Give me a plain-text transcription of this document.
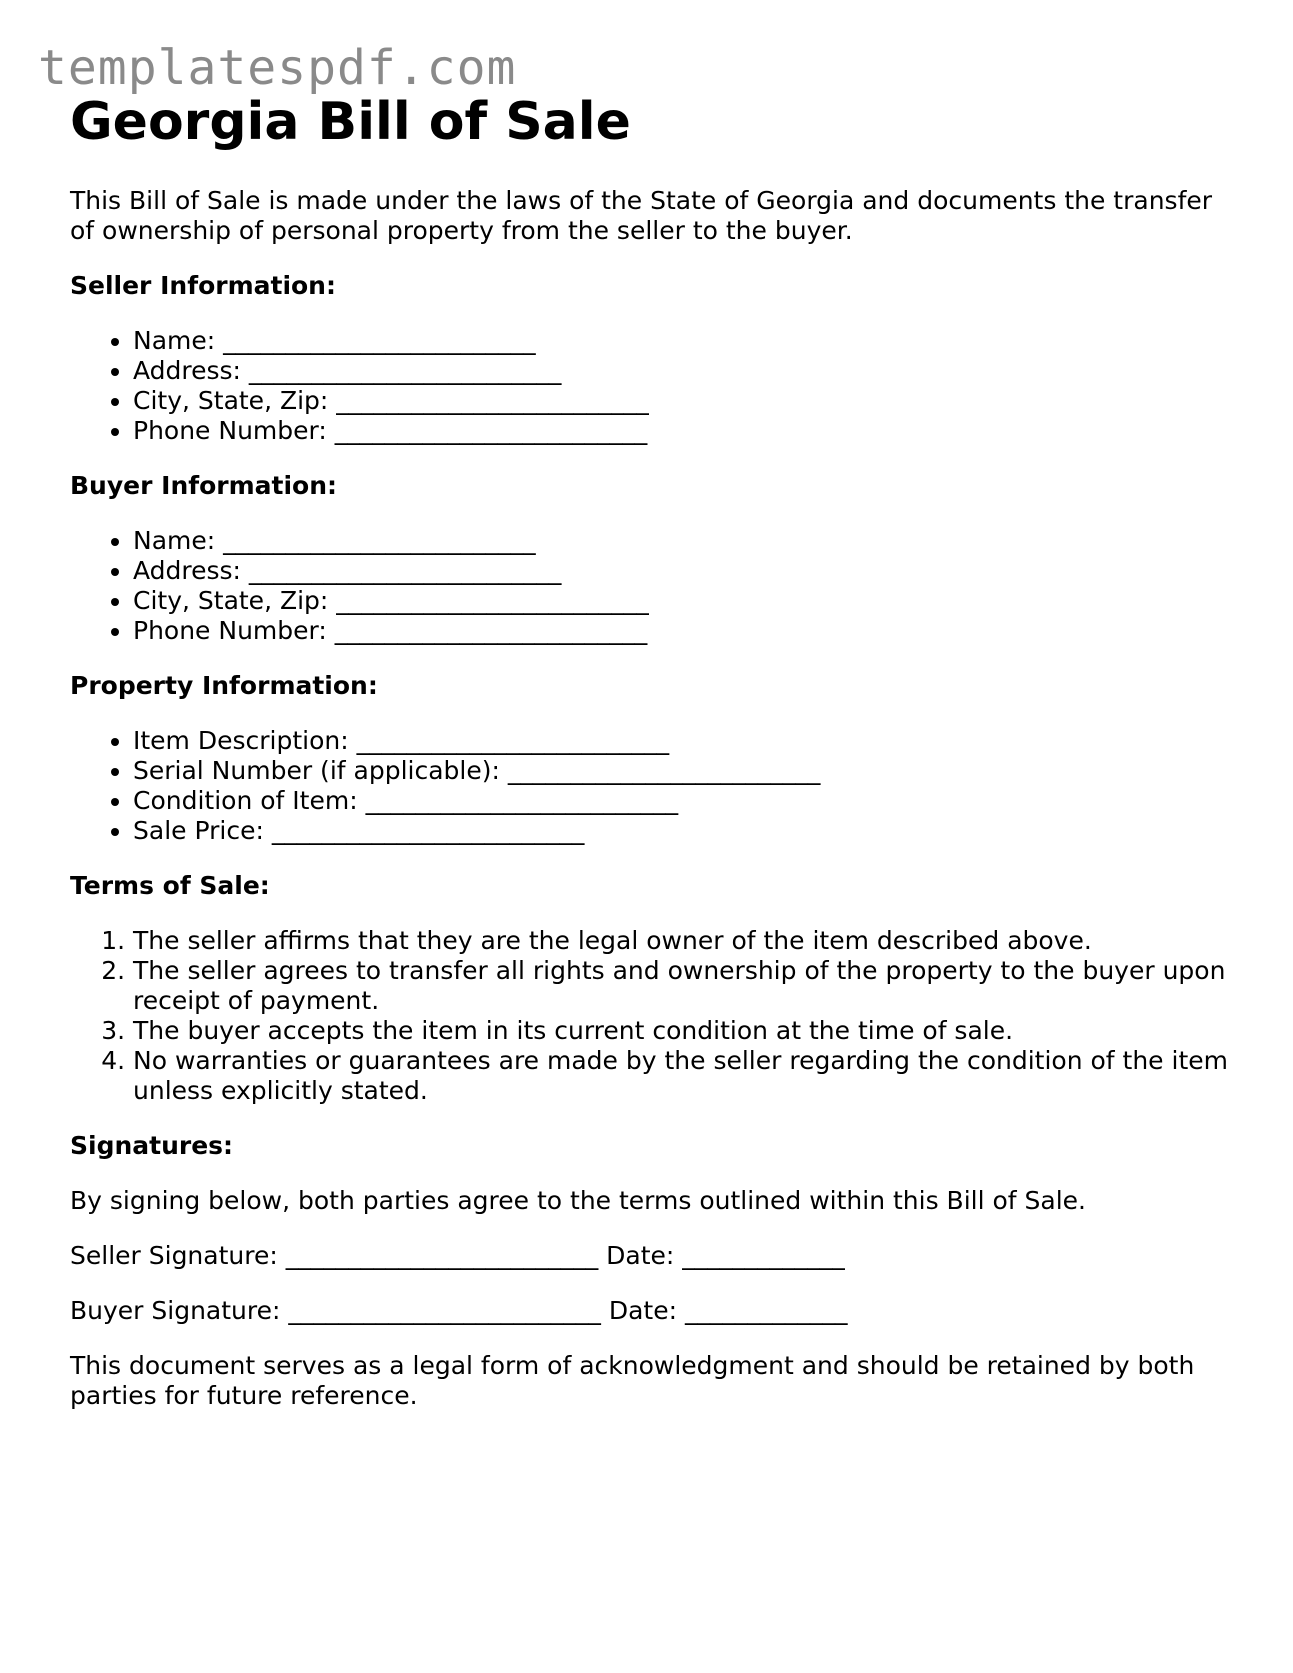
templatespdf.com
Georgia Bill of Sale

This Bill of Sale is made under the laws of the State of Georgia and documents the transfer of ownership of personal property from the seller to the buyer.

Seller Information:
• Name: _________________________
• Address: _________________________
• City, State, Zip: _________________________
• Phone Number: _________________________
Buyer Information:
• Name: _________________________
• Address: _________________________
• City, State, Zip: _________________________
• Phone Number: _________________________
Property Information:
• Item Description: _________________________
• Serial Number (if applicable): _________________________
• Condition of Item: _________________________
• Sale Price: _________________________
Terms of Sale:
1. The seller affirms that they are the legal owner of the item described above.
2. The seller agrees to transfer all rights and ownership of the property to the buyer upon receipt of payment.
3. The buyer accepts the item in its current condition at the time of sale.
4. No warranties or guarantees are made by the seller regarding the condition of the item unless explicitly stated.
Signatures:

By signing below, both parties agree to the terms outlined within this Bill of Sale.

Seller Signature: _________________________ Date: _____________

Buyer Signature: _________________________ Date: _____________

This document serves as a legal form of acknowledgment and should be retained by both parties for future reference.
